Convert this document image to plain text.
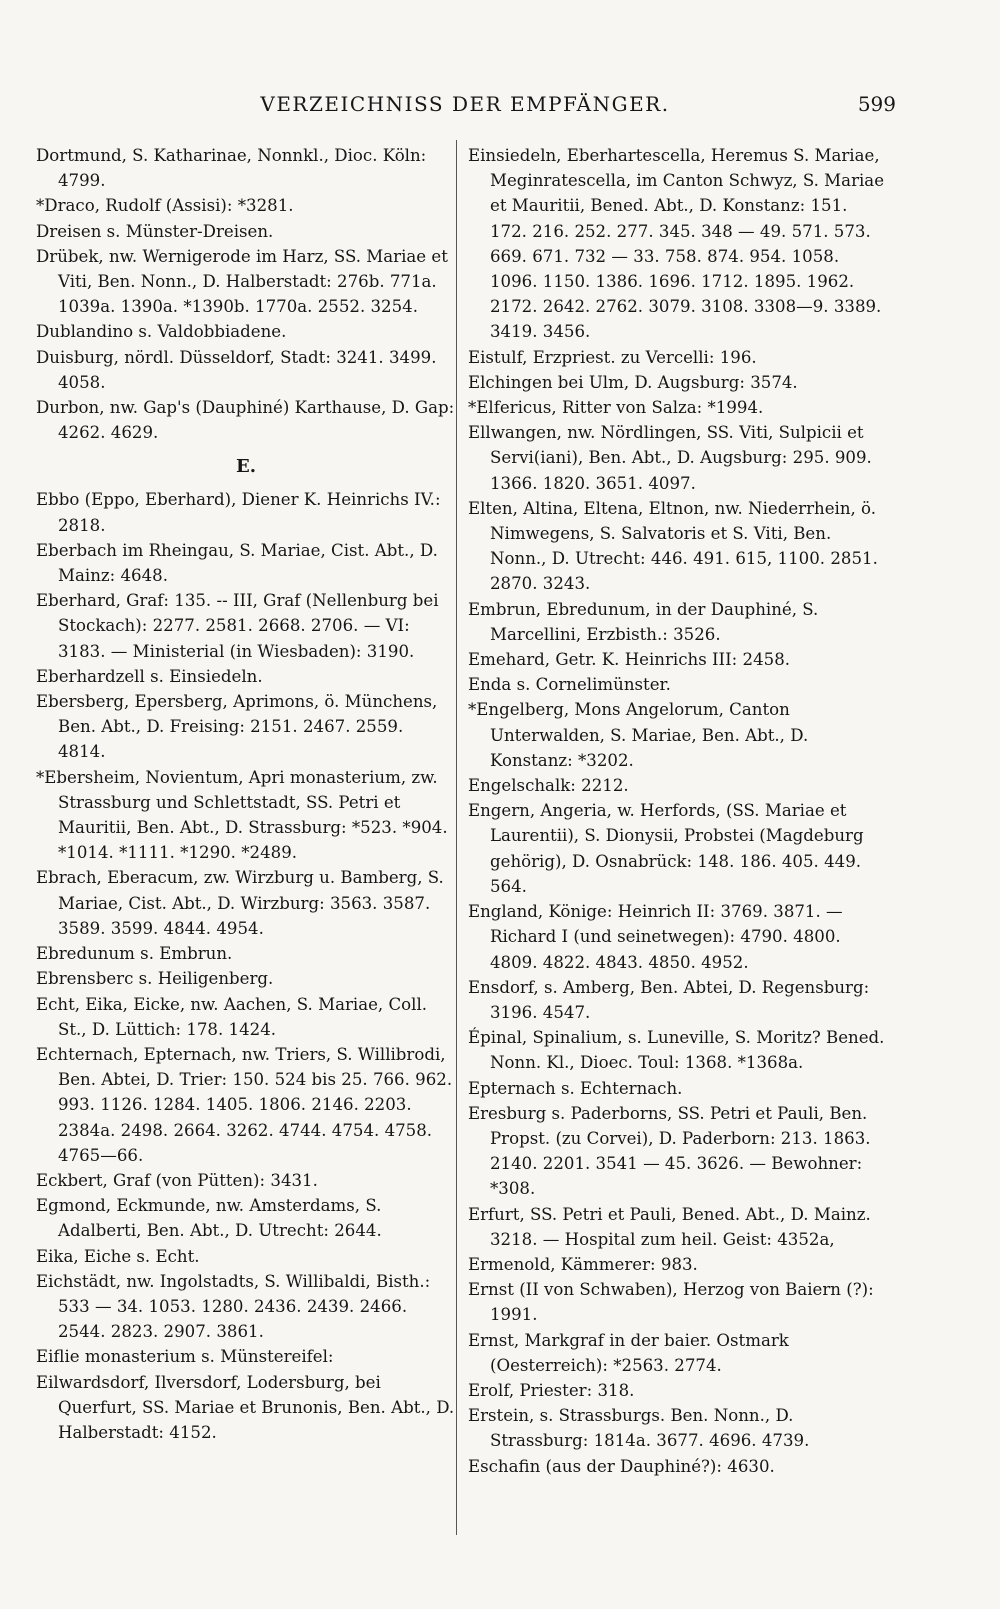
VERZEICHNISS DER EMPFÄNGER.	599
Dortmund, S. Katharinae, Nonnkl., Dioc. Köln: 4799.
*Draco, Rudolf (Assisi): *3281.
Dreisen s. Münster-Dreisen.
Drübek, nw. Wernigerode im Harz, SS. Mariae et Viti, Ben. Nonn., D. Halberstadt: 276b. 771a. 1039a. 1390a. *1390b. 1770a. 2552. 3254.
Dublandino s. Valdobbiadene.
Duisburg, nördl. Düsseldorf, Stadt: 3241. 3499. 4058.
Durbon, nw. Gap's (Dauphiné) Karthause, D. Gap: 4262. 4629.
E.
Ebbo (Eppo, Eberhard), Diener K. Heinrichs IV.: 2818.
Eberbach im Rheingau, S. Mariae, Cist. Abt., D. Mainz: 4648.
Eberhard, Graf: 135. -- III, Graf (Nellenburg bei Stockach): 2277. 2581. 2668. 2706. — VI: 3183. — Ministerial (in Wiesbaden): 3190.
Eberhardzell s. Einsiedeln.
Ebersberg, Epersberg, Aprimons, ö. Münchens, Ben. Abt., D. Freising: 2151. 2467. 2559. 4814.
*Ebersheim, Novientum, Apri monasterium, zw. Strassburg und Schlettstadt, SS. Petri et Mauritii, Ben. Abt., D. Strassburg: *523. *904. *1014. *1111. *1290. *2489.
Ebrach, Eberacum, zw. Wirzburg u. Bamberg, S. Mariae, Cist. Abt., D. Wirzburg: 3563. 3587. 3589. 3599. 4844. 4954.
Ebredunum s. Embrun.
Ebrensberc s. Heiligenberg.
Echt, Eika, Eicke, nw. Aachen, S. Mariae, Coll. St., D. Lüttich: 178. 1424.
Echternach, Epternach, nw. Triers, S. Willibrodi, Ben. Abtei, D. Trier: 150. 524 bis 25. 766. 962. 993. 1126. 1284. 1405. 1806. 2146. 2203. 2384a. 2498. 2664. 3262. 4744. 4754. 4758. 4765—66.
Eckbert, Graf (von Pütten): 3431.
Egmond, Eckmunde, nw. Amsterdams, S. Adalberti, Ben. Abt., D. Utrecht: 2644.
Eika, Eiche s. Echt.
Eichstädt, nw. Ingolstadts, S. Willibaldi, Bisth.: 533 — 34. 1053. 1280. 2436. 2439. 2466. 2544. 2823. 2907. 3861.
Eiflie monasterium s. Münstereifel:
Eilwardsdorf, Ilversdorf, Lodersburg, bei Querfurt, SS. Mariae et Brunonis, Ben. Abt., D. Halberstadt: 4152.
Einsiedeln, Eberhartescella, Heremus S. Mariae, Meginratescella, im Canton Schwyz, S. Mariae et Mauritii, Bened. Abt., D. Konstanz: 151. 172. 216. 252. 277. 345. 348 — 49. 571. 573. 669. 671. 732 — 33. 758. 874. 954. 1058. 1096. 1150. 1386. 1696. 1712. 1895. 1962. 2172. 2642. 2762. 3079. 3108. 3308—9. 3389. 3419. 3456.
Eistulf, Erzpriest. zu Vercelli: 196.
Elchingen bei Ulm, D. Augsburg: 3574.
*Elfericus, Ritter von Salza: *1994.
Ellwangen, nw. Nördlingen, SS. Viti, Sulpicii et Servi(iani), Ben. Abt., D. Augsburg: 295. 909. 1366. 1820. 3651. 4097.
Elten, Altina, Eltena, Eltnon, nw. Niederrhein, ö. Nimwegens, S. Salvatoris et S. Viti, Ben. Nonn., D. Utrecht: 446. 491. 615, 1100. 2851. 2870. 3243.
Embrun, Ebredunum, in der Dauphiné, S. Marcellini, Erzbisth.: 3526.
Emehard, Getr. K. Heinrichs III: 2458.
Enda s. Cornelimünster.
*Engelberg, Mons Angelorum, Canton Unterwalden, S. Mariae, Ben. Abt., D. Konstanz: *3202.
Engelschalk: 2212.
Engern, Angeria, w. Herfords, (SS. Mariae et Laurentii), S. Dionysii, Probstei (Magdeburg gehörig), D. Osnabrück: 148. 186. 405. 449. 564.
England, Könige: Heinrich II: 3769. 3871. — Richard I (und seinetwegen): 4790. 4800. 4809. 4822. 4843. 4850. 4952.
Ensdorf, s. Amberg, Ben. Abtei, D. Regensburg: 3196. 4547.
Épinal, Spinalium, s. Luneville, S. Moritz? Bened. Nonn. Kl., Dioec. Toul: 1368. *1368a.
Epternach s. Echternach.
Eresburg s. Paderborns, SS. Petri et Pauli, Ben. Propst. (zu Corvei), D. Paderborn: 213. 1863. 2140. 2201. 3541 — 45. 3626. — Bewohner: *308.
Erfurt, SS. Petri et Pauli, Bened. Abt., D. Mainz. 3218. — Hospital zum heil. Geist: 4352a,
Ermenold, Kämmerer: 983.
Ernst (II von Schwaben), Herzog von Baiern (?): 1991.
Ernst, Markgraf in der baier. Ostmark (Oesterreich): *2563. 2774.
Erolf, Priester: 318.
Erstein, s. Strassburgs. Ben. Nonn., D. Strassburg: 1814a. 3677. 4696. 4739.
Eschafin (aus der Dauphiné?): 4630.
